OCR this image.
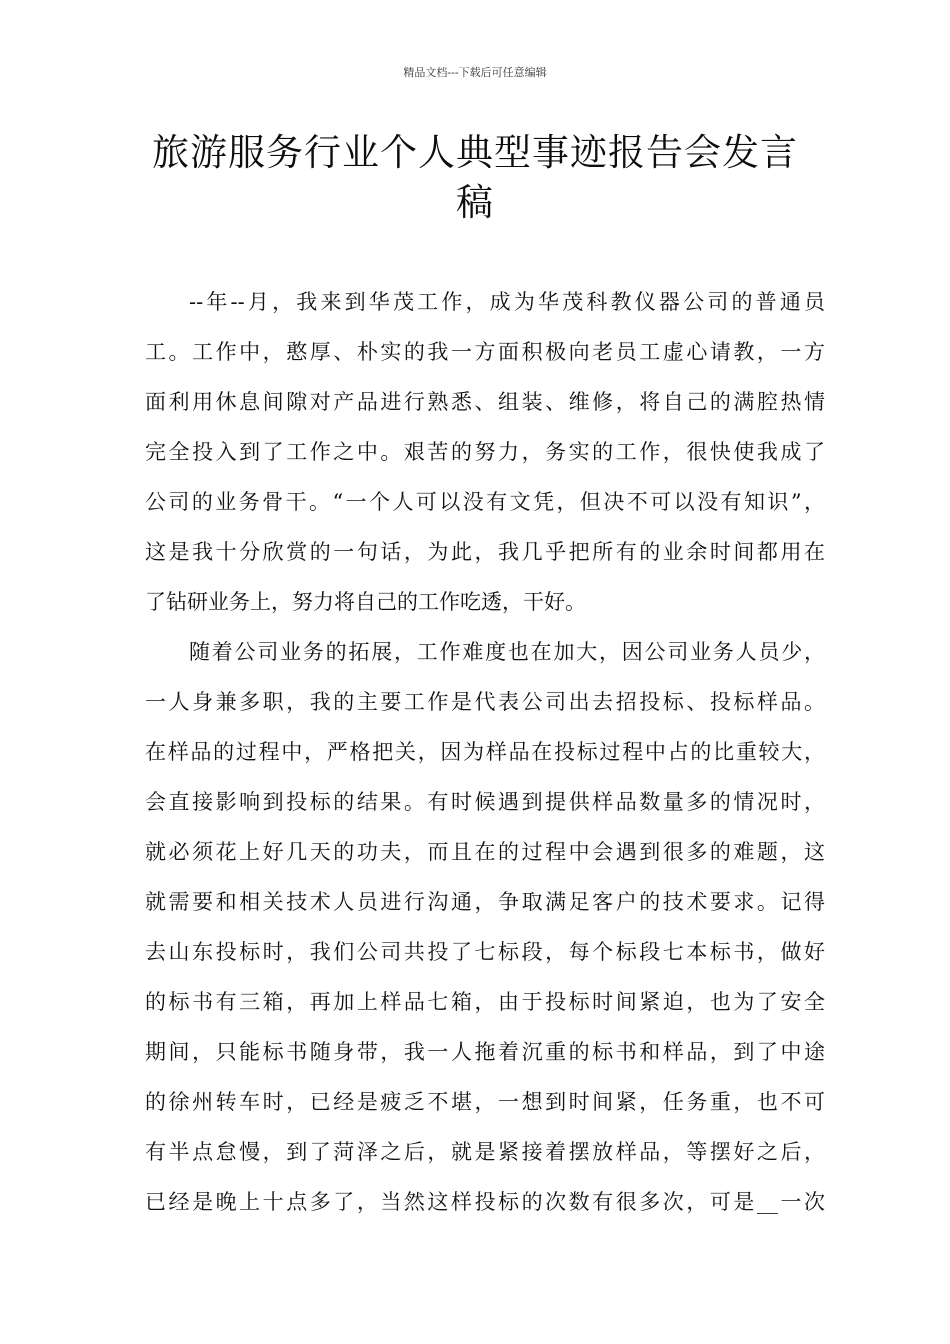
精品文档---下载后可任意编辑
旅游服务行业个人典型事迹报告会发言
稿
--年--月，我来到华茂工作，成为华茂科教仪器公司的普通员
工。工作中，憨厚、朴实的我一方面积极向老员工虚心请教，一方
面利用休息间隙对产品进行熟悉、组装、维修，将自己的满腔热情
完全投入到了工作之中。艰苦的努力，务实的工作，很快使我成了
公司的业务骨干。“一个人可以没有文凭，但决不可以没有知识”，
这是我十分欣赏的一句话，为此，我几乎把所有的业余时间都用在
了钻研业务上，努力将自己的工作吃透，干好。
随着公司业务的拓展，工作难度也在加大，因公司业务人员少，
一人身兼多职，我的主要工作是代表公司出去招投标、投标样品。
在样品的过程中，严格把关，因为样品在投标过程中占的比重较大，
会直接影响到投标的结果。有时候遇到提供样品数量多的情况时，
就必须花上好几天的功夫，而且在的过程中会遇到很多的难题，这
就需要和相关技术人员进行沟通，争取满足客户的技术要求。记得
去山东投标时，我们公司共投了七标段，每个标段七本标书，做好
的标书有三箱，再加上样品七箱，由于投标时间紧迫，也为了安全
期间，只能标书随身带，我一人拖着沉重的标书和样品，到了中途
的徐州转车时，已经是疲乏不堪，一想到时间紧，任务重，也不可
有半点怠慢，到了菏泽之后，就是紧接着摆放样品，等摆好之后，
已经是晚上十点多了，当然这样投标的次数有很多次，可是__一次
